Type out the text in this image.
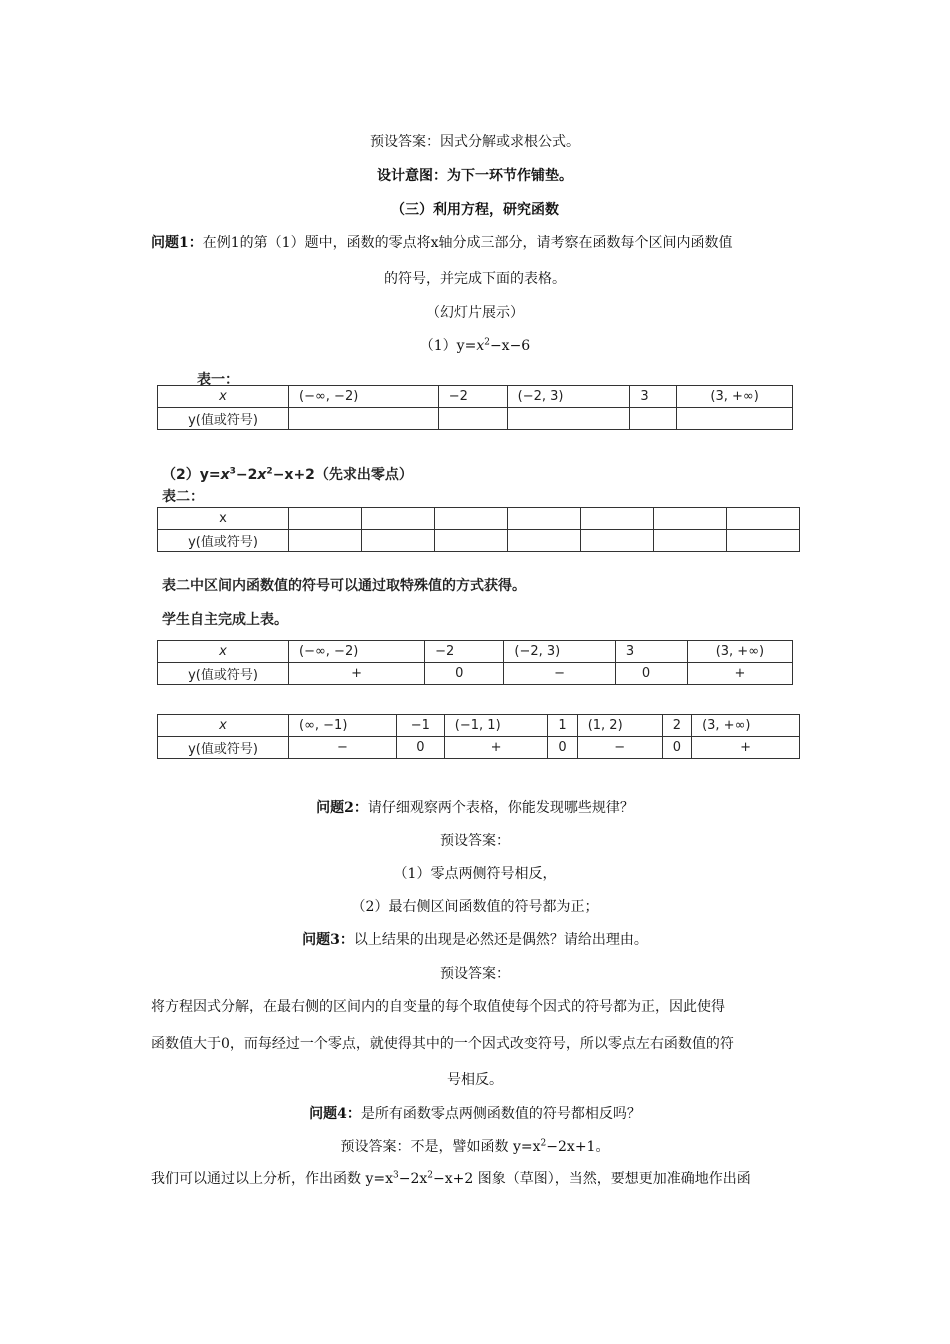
预设答案：因式分解或求根公式。
设计意图：为下一环节作铺垫。
（三）利用方程，研究函数
问题1：在例1的第（1）题中，函数的零点将x轴分成三部分，请考察在函数每个区间内函数值
的符号，并完成下面的表格。
（幻灯片展示）
$(1)y=x^2-x-6$
表一：
x	(−∞, −2)	−2	(−2, 3)	3	(3, +∞)
y(值或符号)					
$(2)y=x^3-2x^2-x+2$（先求出零点）
表二：
x							
y(值或符号)							
表二中区间内函数值的符号可以通过取特殊值的方式获得。
学生自主完成上表。
x	(−∞, −2)	−2	(−2, 3)	3	(3, +∞)
y(值或符号)	+	0	−	0	+
x	(∞, −1)	−1	(−1, 1)	1	(1, 2)	2	(3, +∞)
y(值或符号)	−	0	+	0	−	0	+
问题2：请仔细观察两个表格，你能发现哪些规律？
预设答案：
（1）零点两侧符号相反，
（2）最右侧区间函数值的符号都为正；
问题3：以上结果的出现是必然还是偶然？请给出理由。
预设答案：
将方程因式分解，在最右侧的区间内的自变量的每个取值使每个因式的符号都为正，因此使得
函数值大于0，而每经过一个零点，就使得其中的一个因式改变符号，所以零点左右函数值的符
号相反。
问题4：是所有函数零点两侧函数值的符号都相反吗？
预设答案：不是，譬如函数 $y=x^2-2x+1$。
我们可以通过以上分析，作出函数 $y=x^3-2x^2-x+2$ 图象（草图），当然，要想更加准确地作出函
